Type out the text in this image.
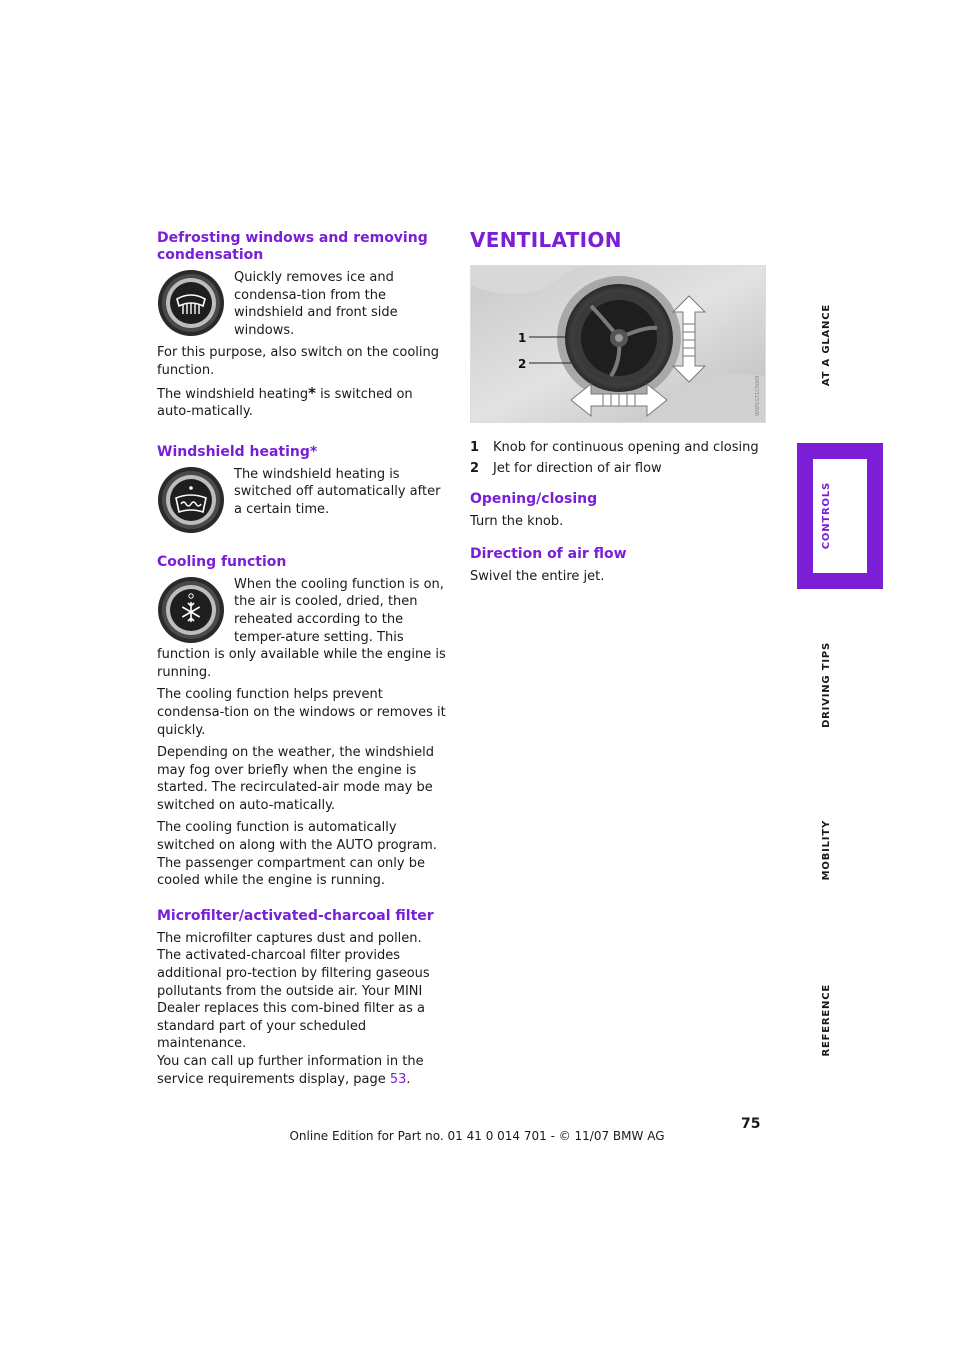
Defrosting windows and removing condensation

Quickly removes ice and condensa-tion from the windshield and front side windows.

For this purpose, also switch on the cooling function.

The windshield heating* is switched on auto-matically.

Windshield heating*

The windshield heating is switched off automatically after a certain time.

Cooling function

When the cooling function is on, the air is cooled, dried, then reheated according to the temper-ature setting. This function is only available while the engine is running.

The cooling function helps prevent condensa-tion on the windows or removes it quickly.

Depending on the weather, the windshield may fog over briefly when the engine is started. The recirculated-air mode may be switched on auto-matically.

The cooling function is automatically switched on along with the AUTO program. The passenger compartment can only be cooled while the engine is running.

Microfilter/activated-charcoal filter

The microfilter captures dust and pollen. The activated-charcoal filter provides additional pro-tection by filtering gaseous pollutants from the outside air. Your MINI Dealer replaces this com-bined filter as a standard part of your scheduled maintenance.

You can call up further information in the service requirements display, page 53.

VENTILATION
1
2
W0P1GT1C5009
1 Knob for continuous opening and closing
2 Jet for direction of air flow
Opening/closing

Turn the knob.

Direction of air flow

Swivel the entire jet.

AT A GLANCE
CONTROLS
DRIVING TIPS
MOBILITY
REFERENCE
75
Online Edition for Part no. 01 41 0 014 701 - © 11/07 BMW AG
